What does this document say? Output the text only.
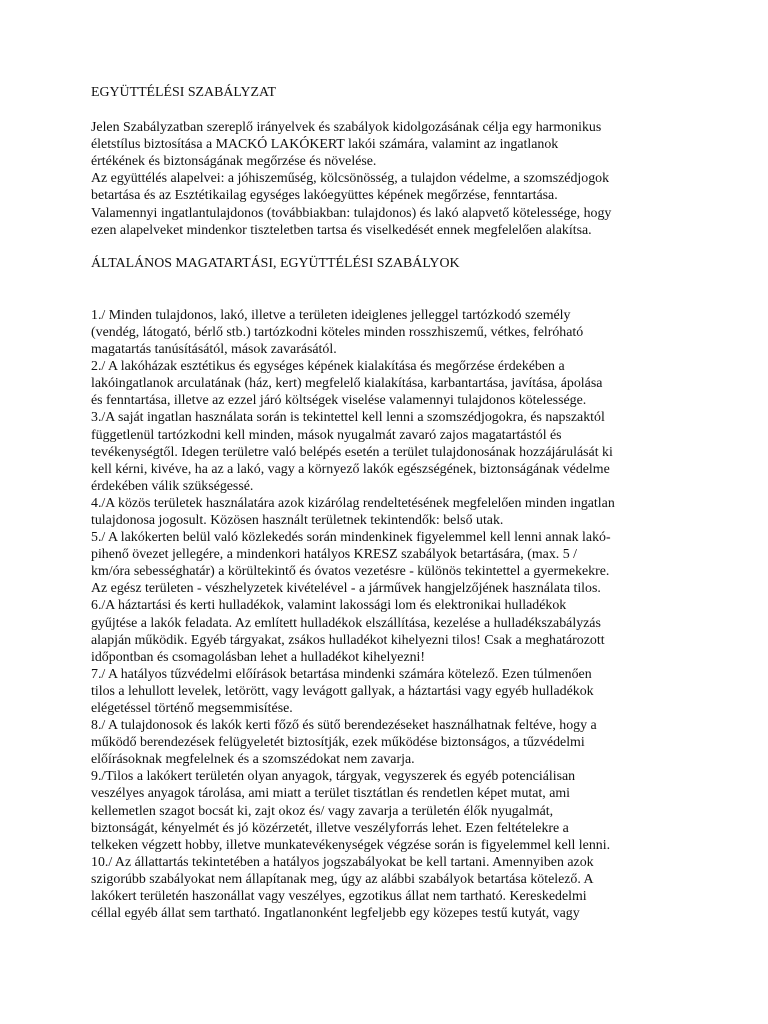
EGYÜTTÉLÉSI SZABÁLYZAT
Jelen Szabályzatban szereplő irányelvek és szabályok kidolgozásának célja egy harmonikus
életstílus biztosítása a MACKÓ LAKÓKERT lakói számára, valamint az ingatlanok
értékének és biztonságának megőrzése és növelése.
Az együttélés alapelvei: a jóhiszeműség, kölcsönösség, a tulajdon védelme, a szomszédjogok
betartása és az Esztétikailag egységes lakóegyüttes képének megőrzése, fenntartása.
Valamennyi ingatlantulajdonos (továbbiakban: tulajdonos) és lakó alapvető kötelessége, hogy
ezen alapelveket mindenkor tiszteletben tartsa és viselkedését ennek megfelelően alakítsa.
ÁLTALÁNOS MAGATARTÁSI, EGYÜTTÉLÉSI SZABÁLYOK
1./ Minden tulajdonos, lakó, illetve a területen ideiglenes jelleggel tartózkodó személy
(vendég, látogató, bérlő stb.) tartózkodni köteles minden rosszhiszemű, vétkes, felróható
magatartás tanúsításától, mások zavarásától.
2./ A lakóházak esztétikus és egységes képének kialakítása és megőrzése érdekében a
lakóingatlanok arculatának (ház, kert) megfelelő kialakítása, karbantartása, javítása, ápolása
és fenntartása, illetve az ezzel járó költségek viselése valamennyi tulajdonos kötelessége.
3./A saját ingatlan használata során is tekintettel kell lenni a szomszédjogokra, és napszaktól
függetlenül tartózkodni kell minden, mások nyugalmát zavaró zajos magatartástól és
tevékenységtől. Idegen területre való belépés esetén a terület tulajdonosának hozzájárulását ki
kell kérni, kivéve, ha az a lakó, vagy a környező lakók egészségének, biztonságának védelme
érdekében válik szükségessé.
4./A közös területek használatára azok kizárólag rendeltetésének megfelelően minden ingatlan
tulajdonosa jogosult. Közösen használt területnek tekintendők: belső utak.
5./ A lakókerten belül való közlekedés során mindenkinek figyelemmel kell lenni annak lakó-
pihenő övezet jellegére, a mindenkori hatályos KRESZ szabályok betartására, (max. 5 /
km/óra sebességhatár) a körültekintő és óvatos vezetésre - különös tekintettel a gyermekekre.
Az egész területen - vészhelyzetek kivételével - a járművek hangjelzőjének használata tilos.
6./A háztartási és kerti hulladékok, valamint lakossági lom és elektronikai hulladékok
gyűjtése a lakók feladata. Az említett hulladékok elszállítása, kezelése a hulladékszabályzás
alapján működik. Egyéb tárgyakat, zsákos hulladékot kihelyezni tilos! Csak a meghatározott
időpontban és csomagolásban lehet a hulladékot kihelyezni!
7./ A hatályos tűzvédelmi előírások betartása mindenki számára kötelező. Ezen túlmenően
tilos a lehullott levelek, letörött, vagy levágott gallyak, a háztartási vagy egyéb hulladékok
elégetéssel történő megsemmisítése.
8./ A tulajdonosok és lakók kerti főző és sütő berendezéseket használhatnak feltéve, hogy a
működő berendezések felügyeletét biztosítják, ezek működése biztonságos, a tűzvédelmi
előírásoknak megfelelnek és a szomszédokat nem zavarja.
9./Tilos a lakókert területén olyan anyagok, tárgyak, vegyszerek és egyéb potenciálisan
veszélyes anyagok tárolása, ami miatt a terület tisztátlan és rendetlen képet mutat, ami
kellemetlen szagot bocsát ki, zajt okoz és/ vagy zavarja a területén élők nyugalmát,
biztonságát, kényelmét és jó közérzetét, illetve veszélyforrás lehet. Ezen feltételekre a
telkeken végzett hobby, illetve munkatevékenységek végzése során is figyelemmel kell lenni.
10./ Az állattartás tekintetében a hatályos jogszabályokat be kell tartani. Amennyiben azok
szigorúbb szabályokat nem állapítanak meg, úgy az alábbi szabályok betartása kötelező. A
lakókert területén haszonállat vagy veszélyes, egzotikus állat nem tartható. Kereskedelmi
céllal egyéb állat sem tartható. Ingatlanonként legfeljebb egy közepes testű kutyát, vagy
